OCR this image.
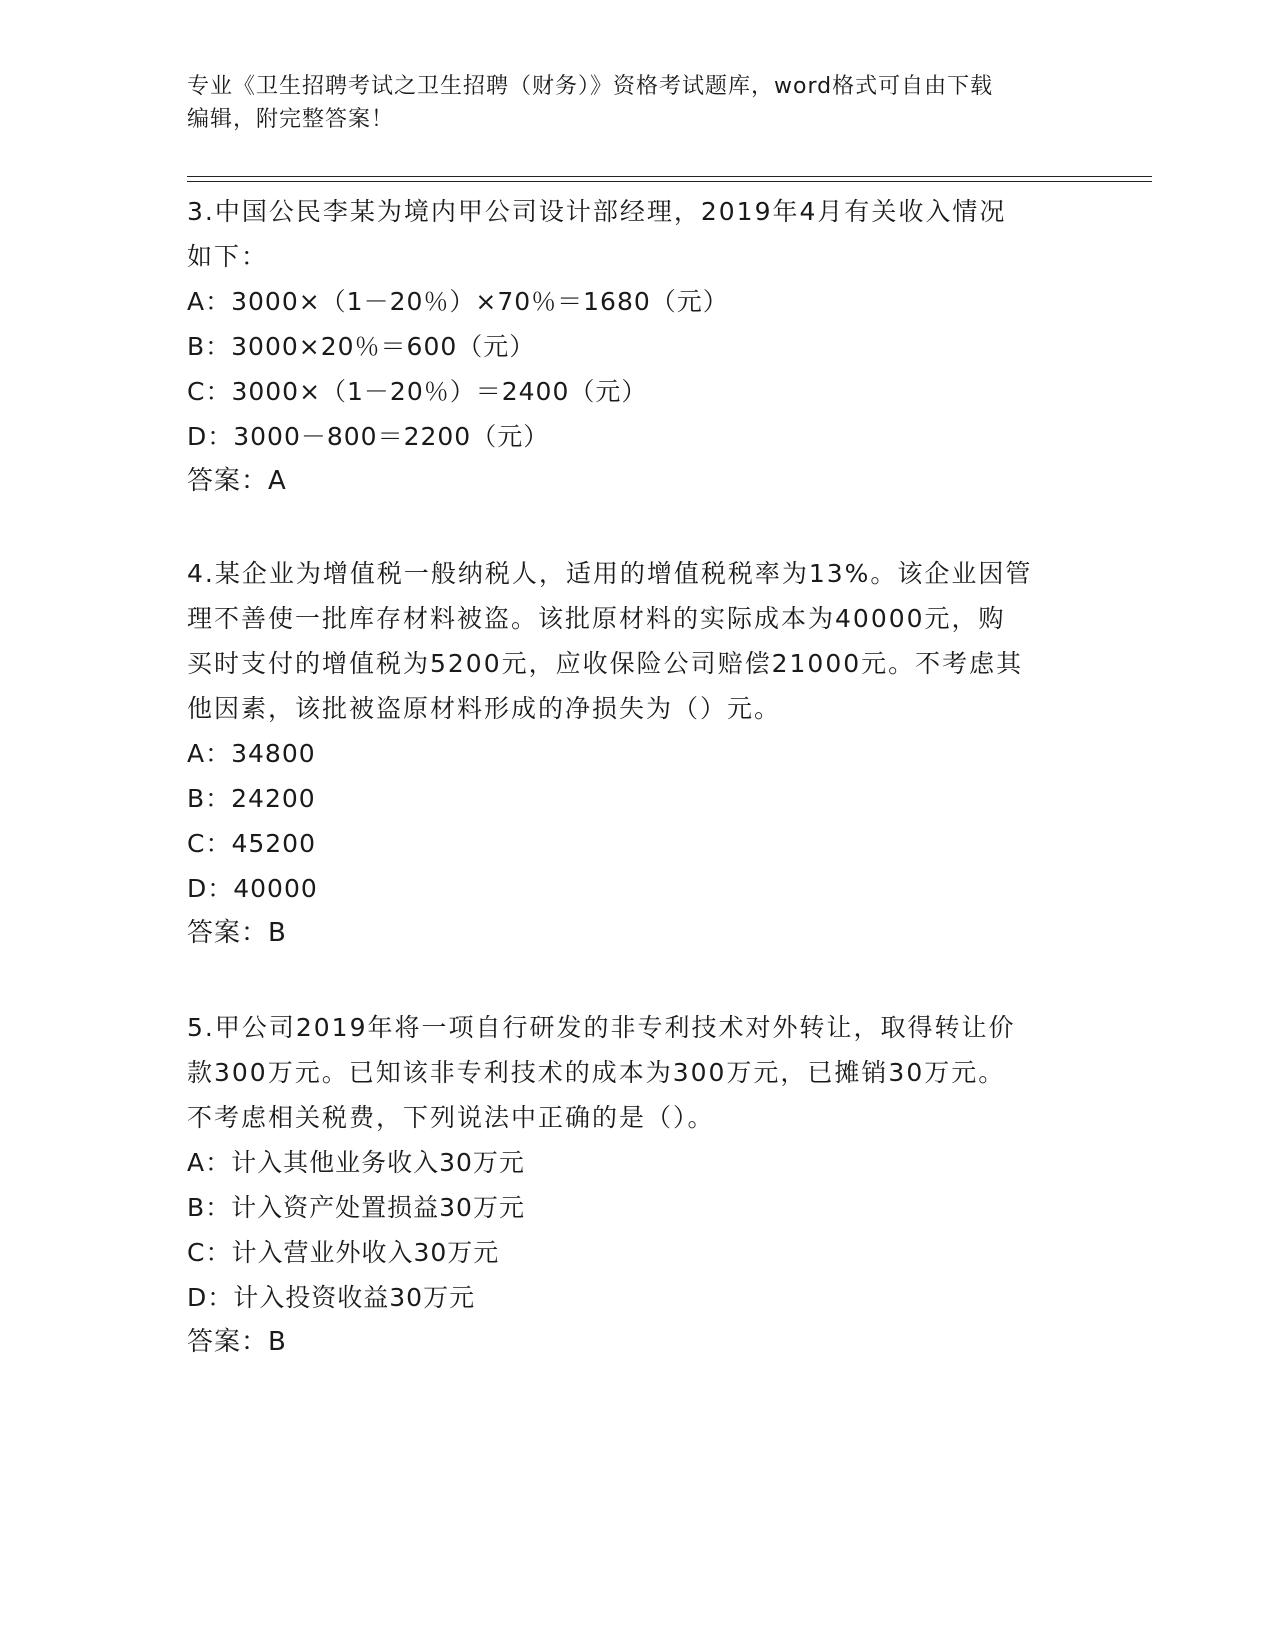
专业《卫生招聘考试之卫生招聘（财务）》资格考试题库，word格式可自由下载
编辑，附完整答案！
3.中国公民李某为境内甲公司设计部经理，2019年4月有关收入情况
如下：
A：3000×（1－20％）×70％＝1680（元）
B：3000×20％＝600（元）
C：3000×（1－20％）＝2400（元）
D：3000－800＝2200（元）
答案：A
4.某企业为增值税一般纳税人，适用的增值税税率为13%。该企业因管
理不善使一批库存材料被盗。该批原材料的实际成本为40000元，购
买时支付的增值税为5200元，应收保险公司赔偿21000元。不考虑其
他因素，该批被盗原材料形成的净损失为（）元。
A：34800
B：24200
C：45200
D：40000
答案：B
5.甲公司2019年将一项自行研发的非专利技术对外转让，取得转让价
款300万元。已知该非专利技术的成本为300万元，已摊销30万元。
不考虑相关税费，下列说法中正确的是（）。
A：计入其他业务收入30万元
B：计入资产处置损益30万元
C：计入营业外收入30万元
D：计入投资收益30万元
答案：B
